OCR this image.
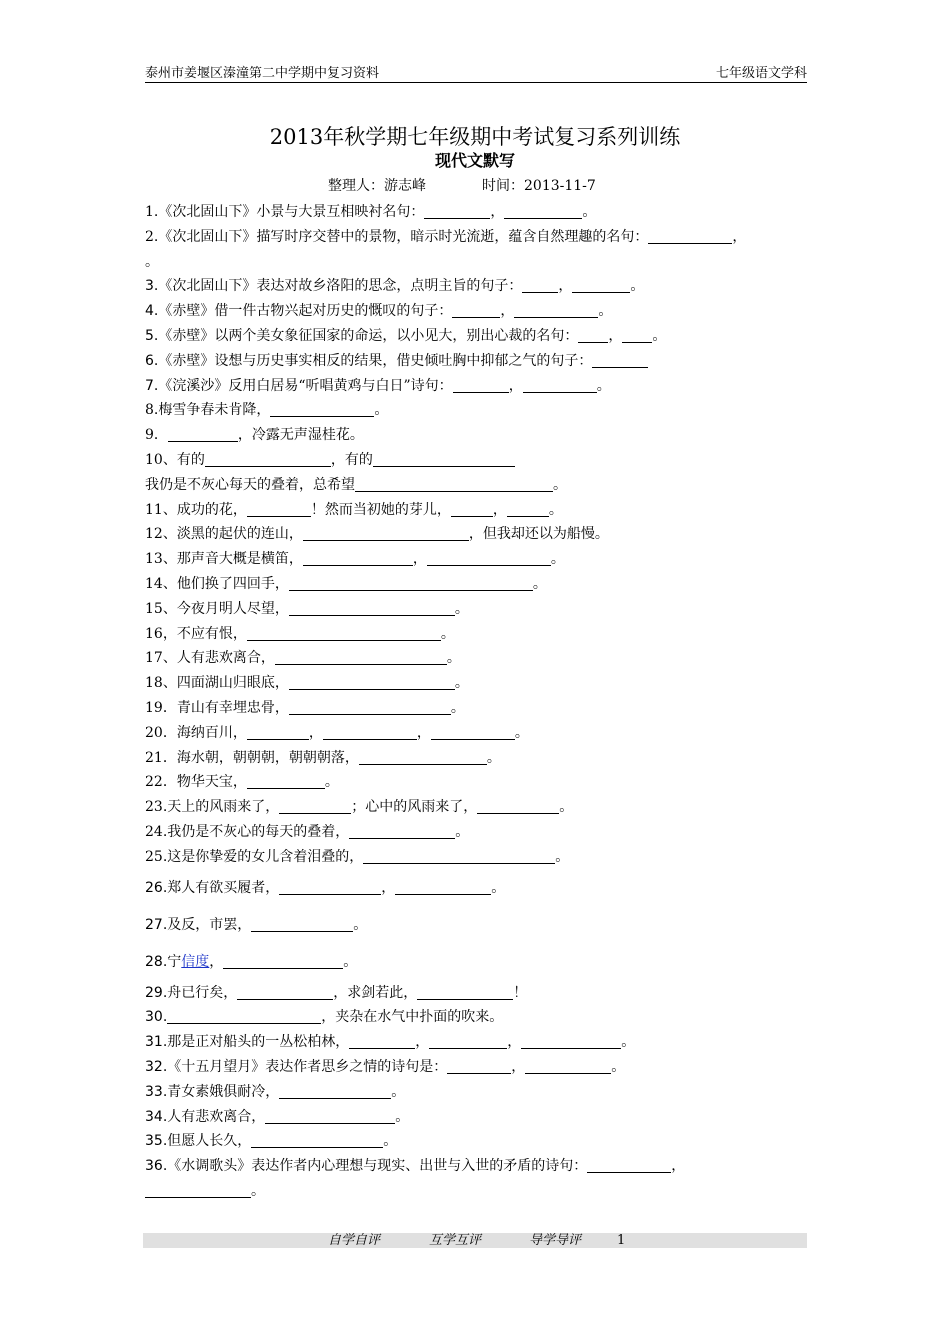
泰州市姜堰区溱潼第二中学期中复习资料	七年级语文学科
2013年秋学期七年级期中考试复习系列训练
现代文默写
整理人：游志峰	时间：2013-11-7
1.《次北固山下》小景与大景互相映衬名句：	，	。
2.《次北固山下》描写时序交替中的景物，暗示时光流逝，蕴含自然理趣的名句：	，
。
3.《次北固山下》表达对故乡洛阳的思念，点明主旨的句子：	，	。
4.《赤壁》借一件古物兴起对历史的慨叹的句子：	，	。
5.《赤壁》以两个美女象征国家的命运，以小见大，别出心裁的名句： ， 。
6.《赤壁》设想与历史事实相反的结果，借史倾吐胸中抑郁之气的句子：
7.《浣溪沙》反用白居易“听唱黄鸡与白日”诗句：	，	。
8.梅雪争春未肯降，	。
9．	，冷露无声湿桂花。
10、有的	，有的
我仍是不灰心每天的叠着，总希望	。
11、成功的花，	！然而当初她的芽儿，	，	。
12、淡黑的起伏的连山，	，但我却还以为船慢。
13、那声音大概是横笛，	，	。
14、他们换了四回手，	。
15、今夜月明人尽望，	。
16，不应有恨，	。
17、人有悲欢离合，	。
18、四面湖山归眼底，	。
19．青山有幸埋忠骨，	。
20．海纳百川，	，	，	。
21．海水朝，朝朝朝，朝朝朝落，	。
22．物华天宝，	。
23.天上的风雨来了，	；心中的风雨来了，	。
24.我仍是不灰心的每天的叠着，	。
25.这是你挚爱的女儿含着泪叠的，	。
26.郑人有欲买履者，	，	。
27.及反，市罢，	。
28.宁信度，	。
29.舟已行矣，	，求剑若此，	！
30.	，夹杂在水气中扑面的吹来。
31.那是正对船头的一丛松柏林，	，	，	。
32.《十五月望月》表达作者思乡之情的诗句是：	，	。
33.青女素娥俱耐冷，	。
34.人有悲欢离合，	。
35.但愿人长久，	。
36.《水调歌头》表达作者内心理想与现实、出世与入世的矛盾的诗句：	，
。
自学自评	互学互评	导学导评	1
